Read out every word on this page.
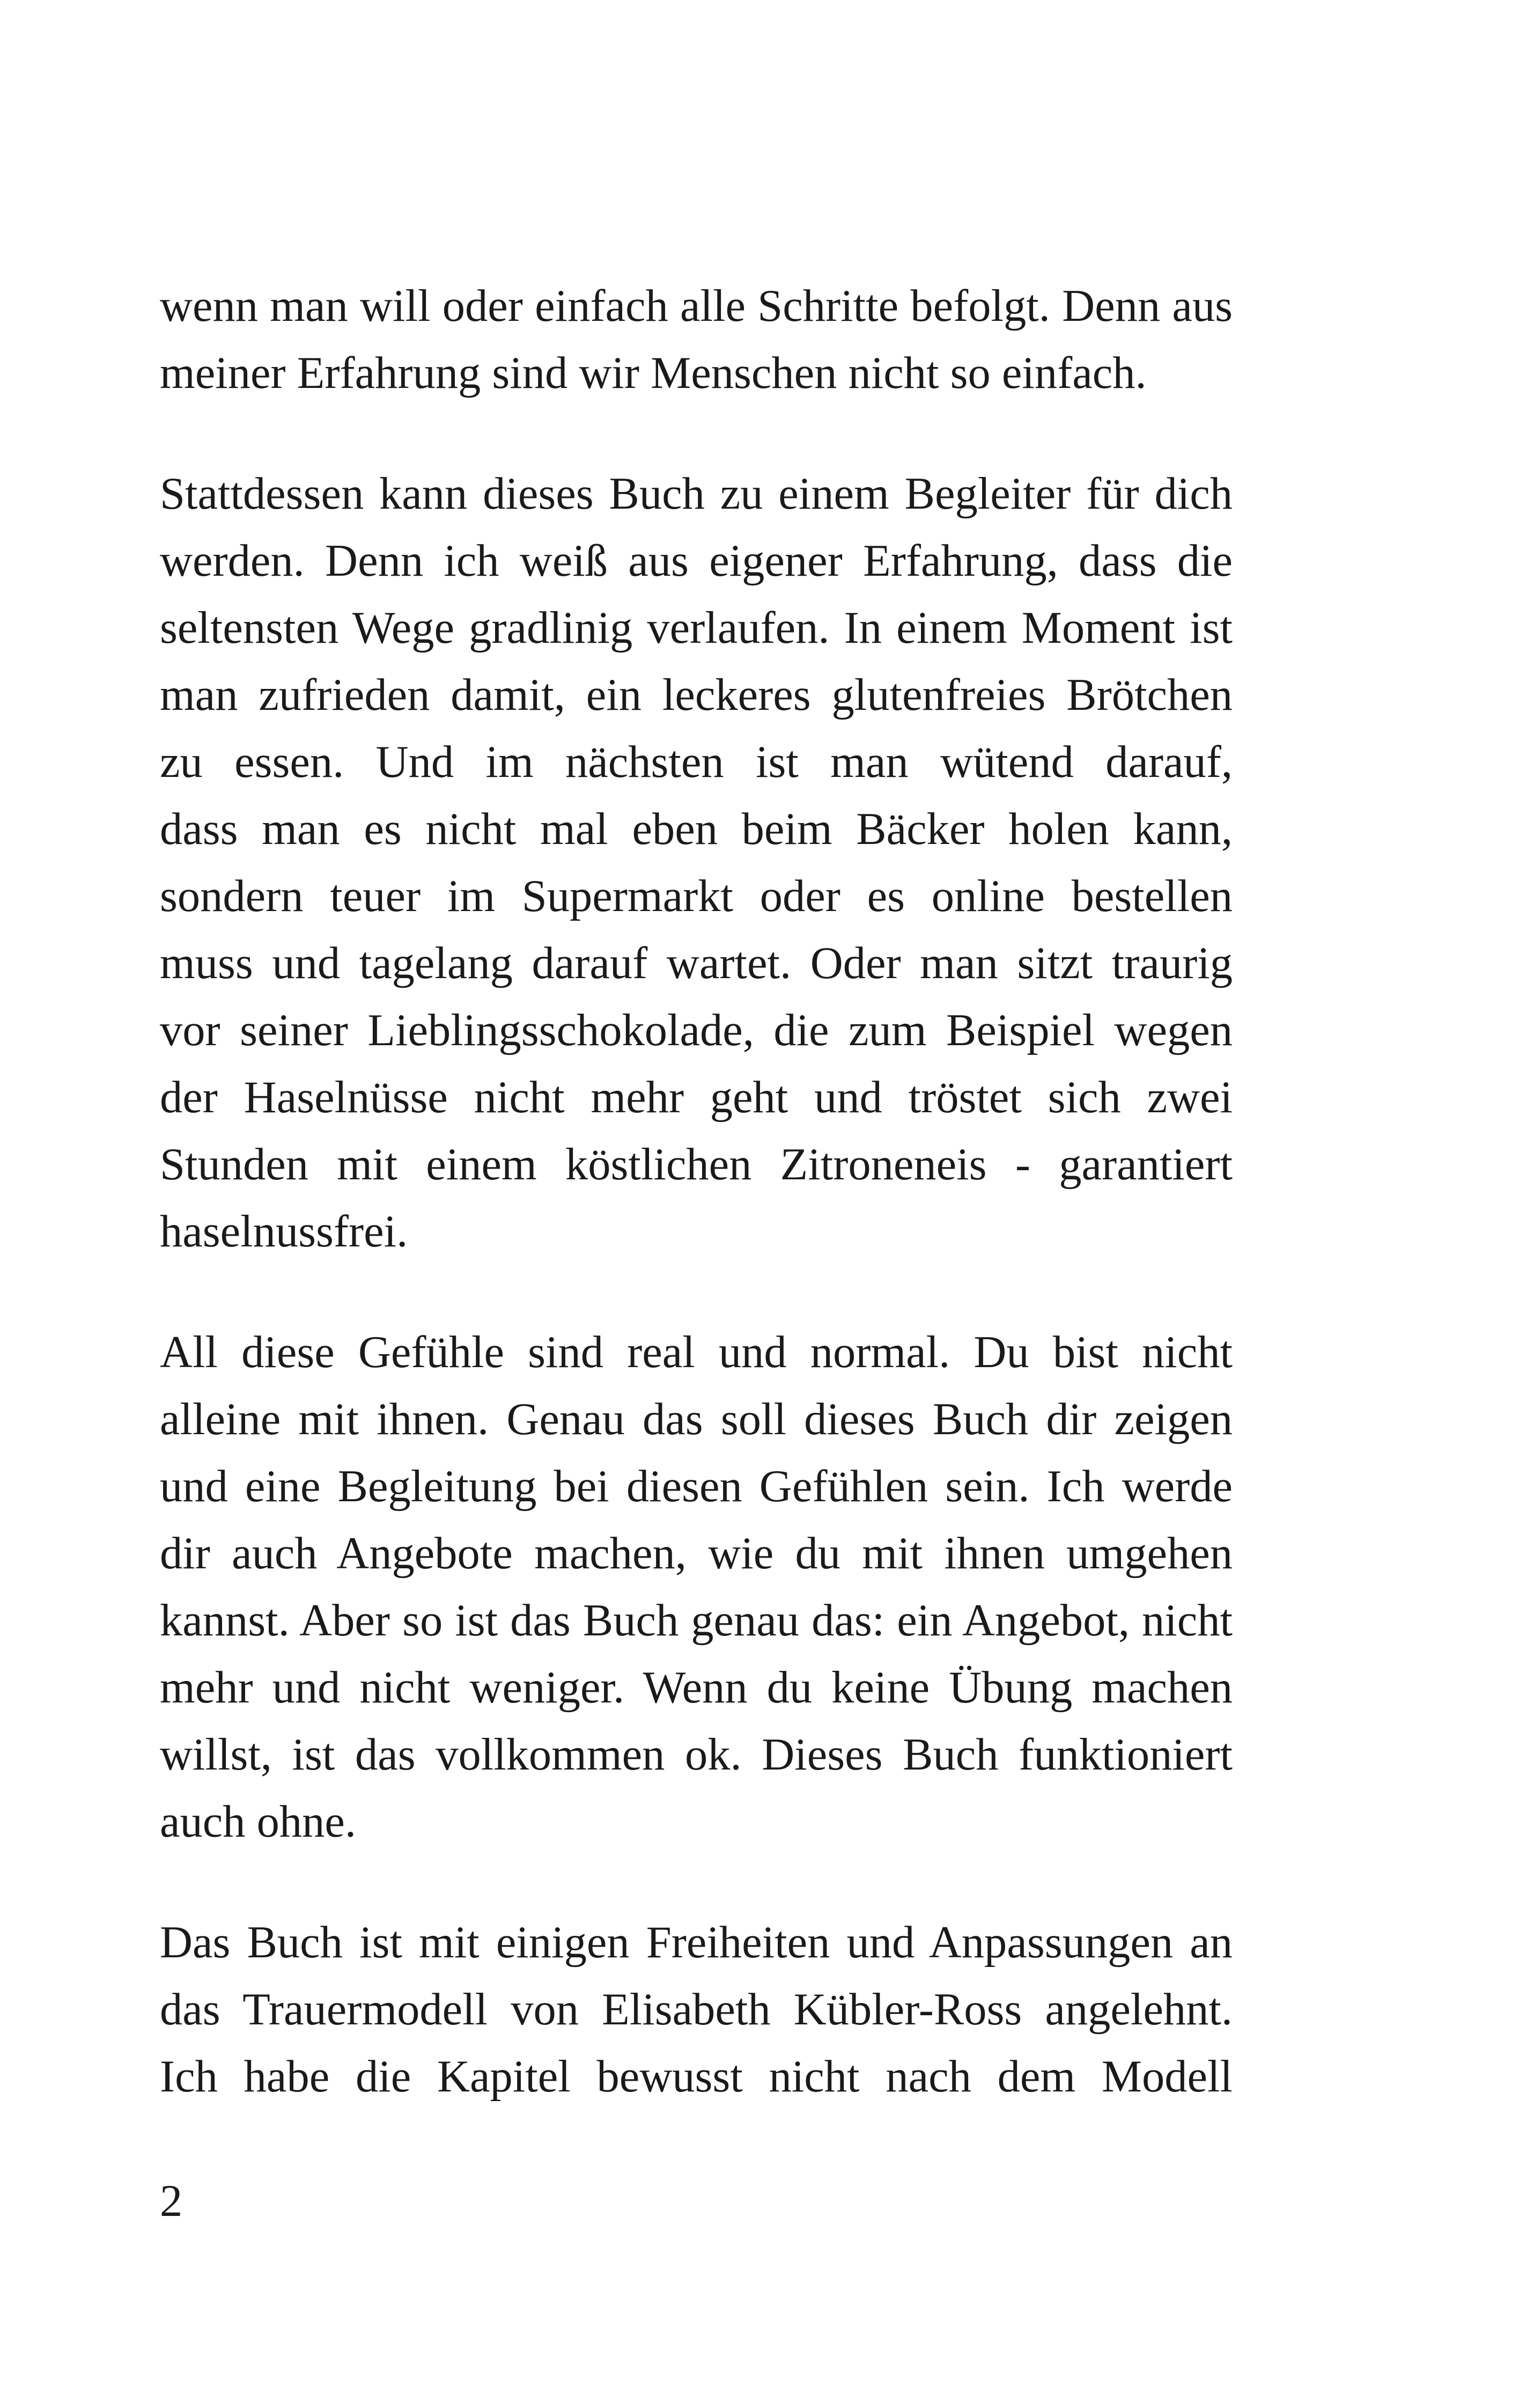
wenn man will oder einfach alle Schritte befolgt. Denn aus
meiner Erfahrung sind wir Menschen nicht so einfach.
Stattdessen kann dieses Buch zu einem Begleiter für dich
werden. Denn ich weiß aus eigener Erfahrung, dass die
seltensten Wege gradlinig verlaufen. In einem Moment ist
man zufrieden damit, ein leckeres glutenfreies Brötchen
zu essen. Und im nächsten ist man wütend darauf,
dass man es nicht mal eben beim Bäcker holen kann,
sondern teuer im Supermarkt oder es online bestellen
muss und tagelang darauf wartet. Oder man sitzt traurig
vor seiner Lieblingsschokolade, die zum Beispiel wegen
der Haselnüsse nicht mehr geht und tröstet sich zwei
Stunden mit einem köstlichen Zitroneneis - garantiert
haselnussfrei.
All diese Gefühle sind real und normal. Du bist nicht
alleine mit ihnen. Genau das soll dieses Buch dir zeigen
und eine Begleitung bei diesen Gefühlen sein. Ich werde
dir auch Angebote machen, wie du mit ihnen umgehen
kannst. Aber so ist das Buch genau das: ein Angebot, nicht
mehr und nicht weniger. Wenn du keine Übung machen
willst, ist das vollkommen ok. Dieses Buch funktioniert
auch ohne.
Das Buch ist mit einigen Freiheiten und Anpassungen an
das Trauermodell von Elisabeth Kübler-Ross angelehnt.
Ich habe die Kapitel bewusst nicht nach dem Modell
2
